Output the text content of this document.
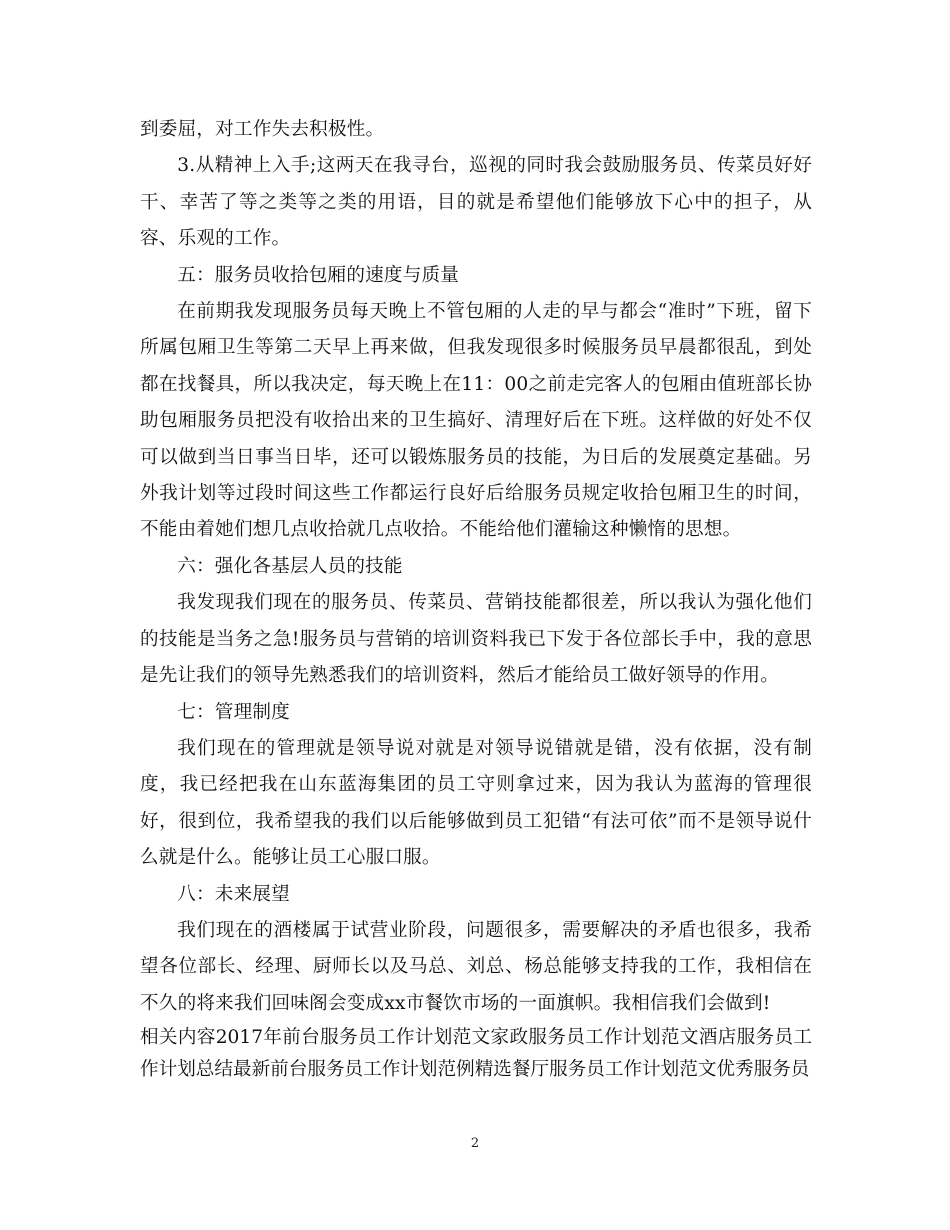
到委屈，对工作失去积极性。

3.从精神上入手;这两天在我寻台，巡视的同时我会鼓励服务员、传菜员好好干、幸苦了等之类等之类的用语，目的就是希望他们能够放下心中的担子，从容、乐观的工作。

五：服务员收拾包厢的速度与质量

在前期我发现服务员每天晚上不管包厢的人走的早与都会“准时”下班，留下所属包厢卫生等第二天早上再来做，但我发现很多时候服务员早晨都很乱，到处都在找餐具，所以我决定，每天晚上在11：00之前走完客人的包厢由值班部长协助包厢服务员把没有收拾出来的卫生搞好、清理好后在下班。这样做的好处不仅可以做到当日事当日毕，还可以锻炼服务员的技能，为日后的发展奠定基础。另外我计划等过段时间这些工作都运行良好后给服务员规定收拾包厢卫生的时间，不能由着她们想几点收拾就几点收拾。不能给他们灌输这种懒惰的思想。

六：强化各基层人员的技能

我发现我们现在的服务员、传菜员、营销技能都很差，所以我认为强化他们的技能是当务之急!服务员与营销的培训资料我已下发于各位部长手中，我的意思是先让我们的领导先熟悉我们的培训资料，然后才能给员工做好领导的作用。

七：管理制度

我们现在的管理就是领导说对就是对领导说错就是错，没有依据，没有制度，我已经把我在山东蓝海集团的员工守则拿过来，因为我认为蓝海的管理很好，很到位，我希望我的我们以后能够做到员工犯错“有法可依”而不是领导说什么就是什么。能够让员工心服口服。

八：未来展望

我们现在的酒楼属于试营业阶段，问题很多，需要解决的矛盾也很多，我希望各位部长、经理、厨师长以及马总、刘总、杨总能够支持我的工作，我相信在不久的将来我们回味阁会变成xx市餐饮市场的一面旗帜。我相信我们会做到!

相关内容2017年前台服务员工作计划范文家政服务员工作计划范文酒店服务员工作计划总结最新前台服务员工作计划范例精选餐厅服务员工作计划范文优秀服务员

2
